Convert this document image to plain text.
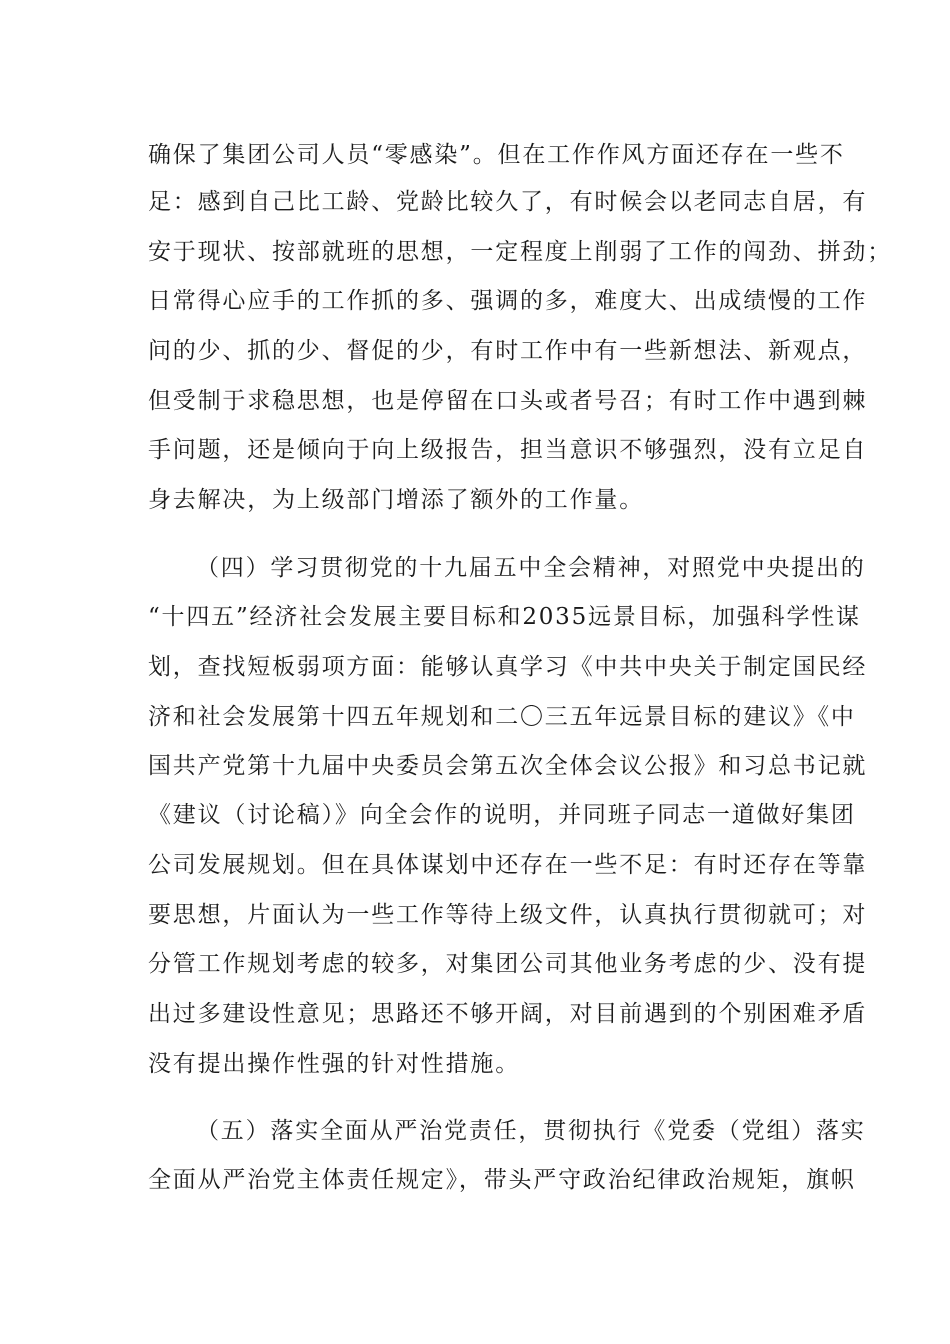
确保了集团公司人员“零感染”。但在工作作风方面还存在一些不
足：感到自己比工龄、党龄比较久了，有时候会以老同志自居，有
安于现状、按部就班的思想，一定程度上削弱了工作的闯劲、拼劲；
日常得心应手的工作抓的多、强调的多，难度大、出成绩慢的工作
问的少、抓的少、督促的少，有时工作中有一些新想法、新观点，
但受制于求稳思想，也是停留在口头或者号召；有时工作中遇到棘
手问题，还是倾向于向上级报告，担当意识不够强烈，没有立足自
身去解决，为上级部门增添了额外的工作量。
（四）学习贯彻党的十九届五中全会精神，对照党中央提出的
“十四五”经济社会发展主要目标和2035远景目标，加强科学性谋
划，查找短板弱项方面：能够认真学习《中共中央关于制定国民经
济和社会发展第十四五年规划和二〇三五年远景目标的建议》《中
国共产党第十九届中央委员会第五次全体会议公报》和习总书记就
《建议（讨论稿）》向全会作的说明，并同班子同志一道做好集团
公司发展规划。但在具体谋划中还存在一些不足：有时还存在等靠
要思想，片面认为一些工作等待上级文件，认真执行贯彻就可；对
分管工作规划考虑的较多，对集团公司其他业务考虑的少、没有提
出过多建设性意见；思路还不够开阔，对目前遇到的个别困难矛盾
没有提出操作性强的针对性措施。
（五）落实全面从严治党责任，贯彻执行《党委（党组）落实
全面从严治党主体责任规定》，带头严守政治纪律政治规矩，旗帜
